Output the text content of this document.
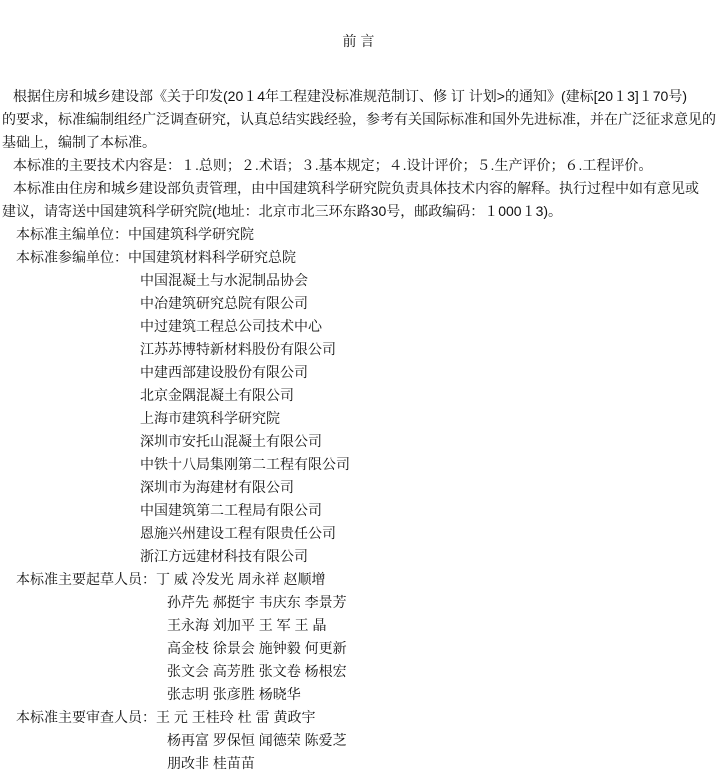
前 言
根据住房和城乡建设部《关于印发(20１4年工程建没标准规范制订、修 订 计划>的通知》(建标[20１3]１70号)
的要求，标准编制组经广泛调查研究，认真总结实践经验，参考有关国际标准和国外先进标准，并在广泛征求意见的
基础上，编制了本标准。
本标准的主要技术内容是：１.总则；２.术语；３.基本规定；４.设计评价；５.生产评价；６.工程评价。
本标准由住房和城乡建设部负责管理，由中国建筑科学研究院负责具体技术内容的解释。执行过程中如有意见或
建议，请寄送中国建筑科学研究院(地址：北京市北三环东路30号，邮政编码：１000１3)。
本标准主编单位：中国建筑科学研究院
本标准参编单位：中国建筑材料科学研究总院
中国混凝土与水泥制品协会
中冶建筑研究总院有限公司
中过建筑工程总公司技术中心
江苏苏博特新材料股份有限公司
中建西部建设股份有限公司
北京金隅混凝土有限公司
上海市建筑科学研究院
深圳市安托山混凝土有限公司
中铁十八局集刚第二工程有限公司
深圳市为海建材有限公司
中国建筑第二工程局有限公司
恩施兴州建设工程有限贵任公司
浙江方远建材科技有限公司
本标准主要起草人员：丁 威 冷发光 周永祥 赵顺增
孙芹先 郝挺宇 韦庆东 李景芳
王永海 刘加平 王 军 王 晶
高金枝 徐景会 施钟毅 何更新
张文会 高芳胜 张文卷 杨根宏
张志明 张彦胜 杨晓华
本标准主要审查人员：王 元 王桂玲 杜 雷 黄政宇
杨再富 罗保恒 闻德荣 陈爱芝
朋改非 桂苗苗
